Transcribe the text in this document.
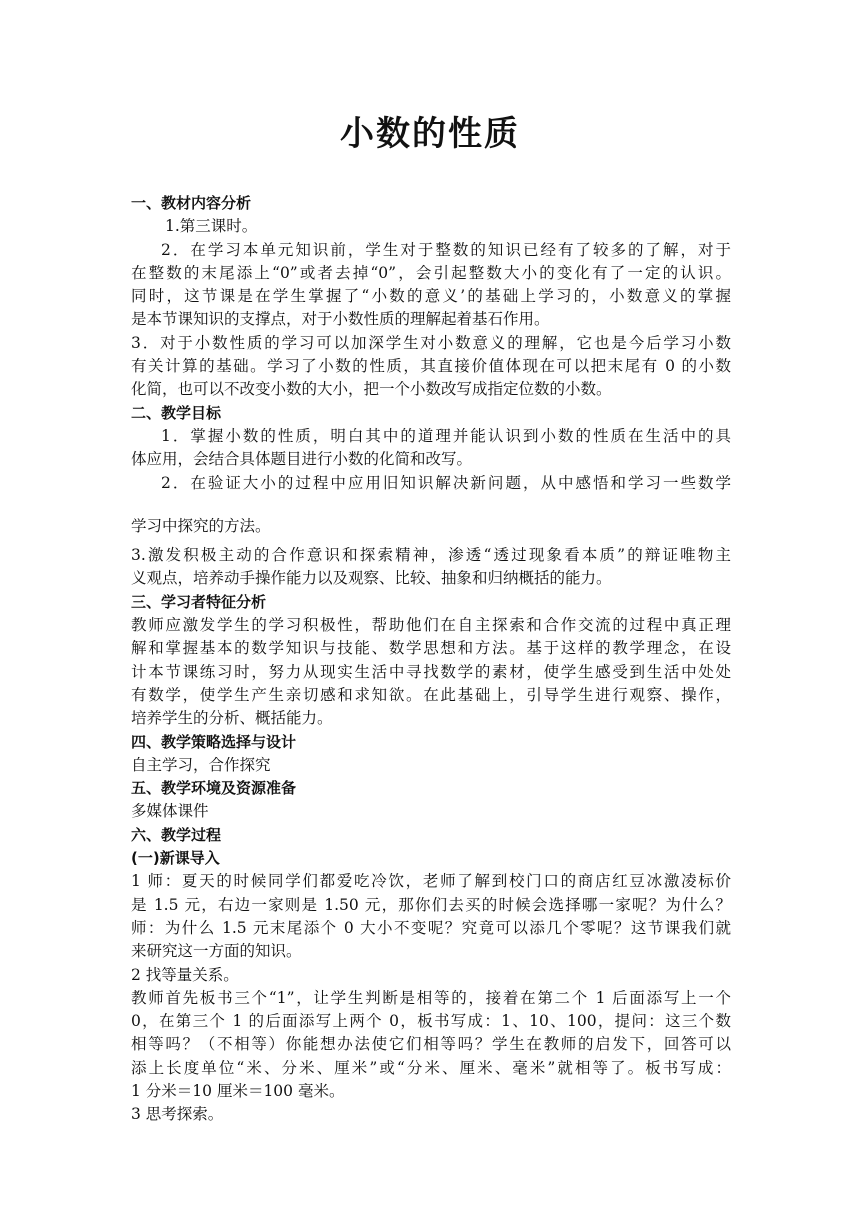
小数的性质
一、教材内容分析
1.第三课时。
2．在学习本单元知识前，学生对于整数的知识已经有了较多的了解，对于
在整数的末尾添上“0”或者去掉“0”，会引起整数大小的变化有了一定的认识。
同时，这节课是在学生掌握了“小数的意义’的基础上学习的，小数意义的掌握
是本节课知识的支撑点，对于小数性质的理解起着基石作用。
3．对于小数性质的学习可以加深学生对小数意义的理解，它也是今后学习小数
有关计算的基础。学习了小数的性质，其直接价值体现在可以把末尾有 0 的小数
化简，也可以不改变小数的大小，把一个小数改写成指定位数的小数。
二、教学目标
1．掌握小数的性质，明白其中的道理并能认识到小数的性质在生活中的具
体应用，会结合具体题目进行小数的化简和改写。
2．在验证大小的过程中应用旧知识解决新问题，从中感悟和学习一些数学
学习中探究的方法。
3.激发积极主动的合作意识和探索精神，渗透“透过现象看本质”的辩证唯物主
义观点，培养动手操作能力以及观察、比较、抽象和归纳概括的能力。
三、学习者特征分析
教师应激发学生的学习积极性，帮助他们在自主探索和合作交流的过程中真正理
解和掌握基本的数学知识与技能、数学思想和方法。基于这样的教学理念，在设
计本节课练习时，努力从现实生活中寻找数学的素材，使学生感受到生活中处处
有数学，使学生产生亲切感和求知欲。在此基础上，引导学生进行观察、操作，
培养学生的分析、概括能力。
四、教学策略选择与设计
自主学习，合作探究
五、教学环境及资源准备
多媒体课件
六、教学过程
(一)新课导入
1 师：夏天的时候同学们都爱吃冷饮，老师了解到校门口的商店红豆冰激凌标价
是 1.5 元，右边一家则是 1.50 元，那你们去买的时候会选择哪一家呢？为什么？
师：为什么 1.5 元末尾添个 0 大小不变呢？究竟可以添几个零呢？这节课我们就
来研究这一方面的知识。
2 找等量关系。
教师首先板书三个“1”，让学生判断是相等的，接着在第二个 1 后面添写上一个
0，在第三个 1 的后面添写上两个 0，板书写成：1、10、100，提问：这三个数
相等吗？（不相等）你能想办法使它们相等吗？学生在教师的启发下，回答可以
添上长度单位“米、分米、厘米”或“分米、厘米、毫米”就相等了。板书写成：
1 分米＝10 厘米＝100 毫米。
3 思考探索。
